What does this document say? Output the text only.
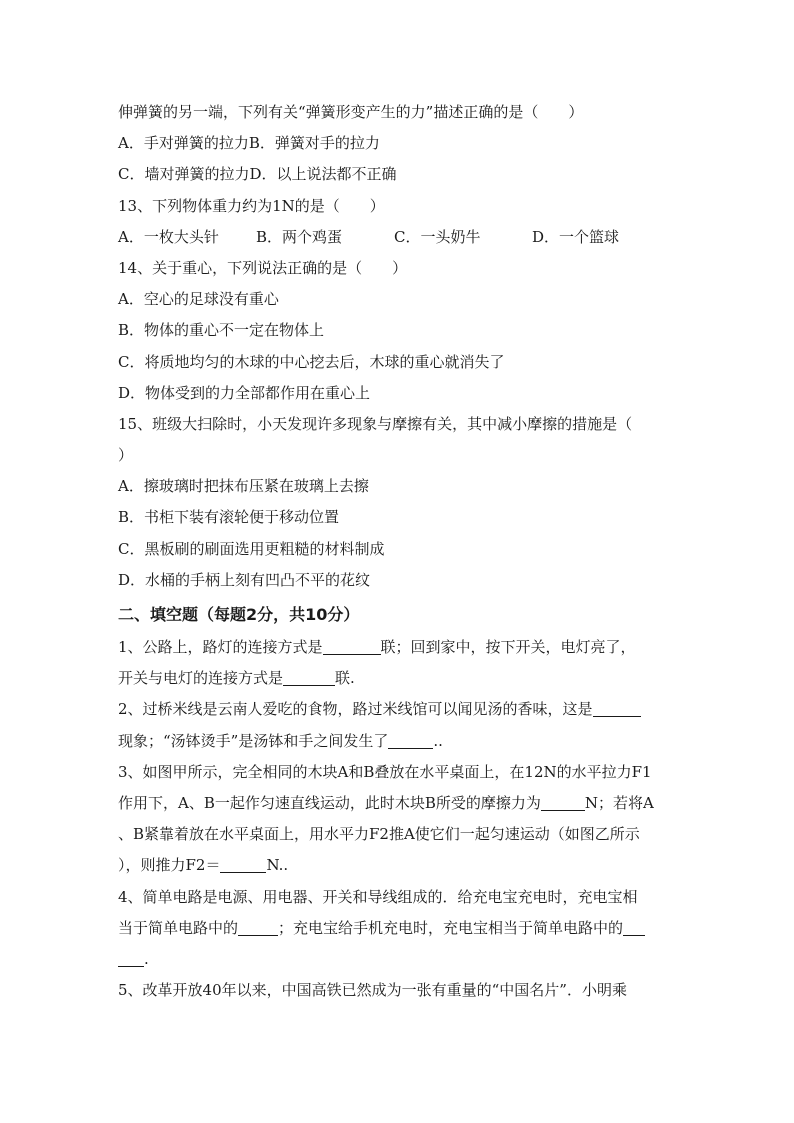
伸弹簧的另一端，下列有关“弹簧形变产生的力”描述正确的是（　　）
A．手对弹簧的拉力B．弹簧对手的拉力
C．墙对弹簧的拉力D．以上说法都不正确
13、下列物体重力约为1N的是（　　）
A．一枚大头针	B．两个鸡蛋	C．一头奶牛	D．一个篮球
14、关于重心，下列说法正确的是（　　）
A．空心的足球没有重心
B．物体的重心不一定在物体上
C．将质地均匀的木球的中心挖去后，木球的重心就消失了
D．物体受到的力全部都作用在重心上
15、班级大扫除时，小天发现许多现象与摩擦有关，其中减小摩擦的措施是（
）
A．擦玻璃时把抹布压紧在玻璃上去擦
B．书柜下装有滚轮便于移动位置
C．黑板刷的刷面选用更粗糙的材料制成
D．水桶的手柄上刻有凹凸不平的花纹
二、填空题（每题2分，共10分）
1、公路上，路灯的连接方式是	联；回到家中，按下开关，电灯亮了，
开关与电灯的连接方式是	联.
2、过桥米线是云南人爱吃的食物，路过米线馆可以闻见汤的香味，这是
现象；“汤钵烫手”是汤钵和手之间发生了	..
3、如图甲所示，完全相同的木块A和B叠放在水平桌面上，在12N的水平拉力F1
作用下，A、B一起作匀速直线运动，此时木块B所受的摩擦力为	N；若将A
、B紧靠着放在水平桌面上，用水平力F2推A使它们一起匀速运动（如图乙所示
），则推力F2＝	N..
4、简单电路是电源、用电器、开关和导线组成的．给充电宝充电时，充电宝相
当于简单电路中的	；充电宝给手机充电时，充电宝相当于简单电路中的
.
5、改革开放40年以来，中国高铁已然成为一张有重量的“中国名片”．小明乘
